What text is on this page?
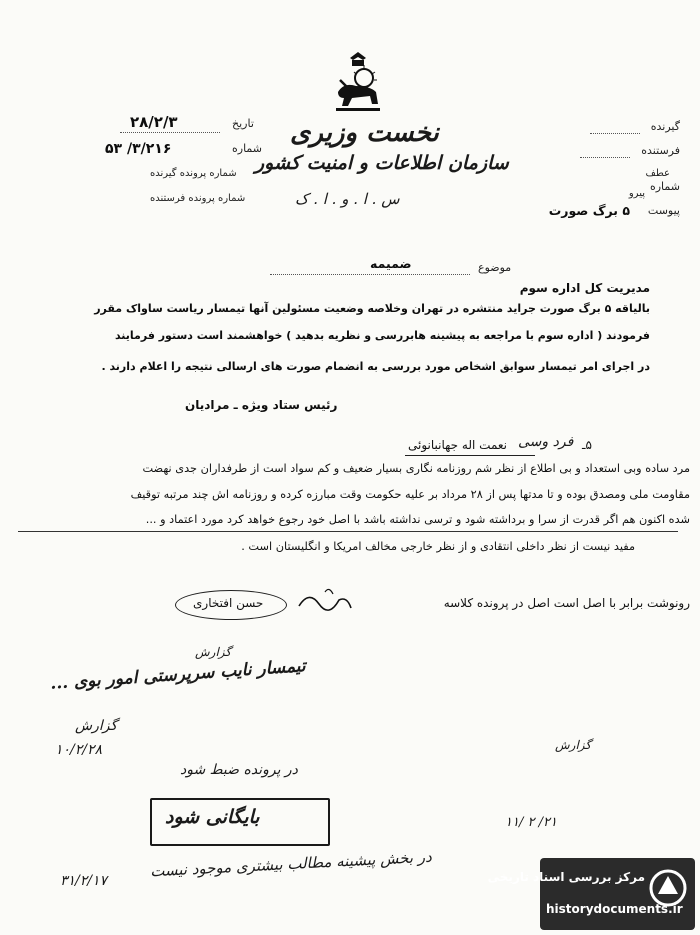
گیرنده
فرستنده
عطف
شماره
پیرو
پیوست
۵ برگ صورت
نخست وزیری
سازمان اطلاعات و امنیت کشور
س . ا . و . ا . ک
تاریخ
۲۸/۲/۳
شماره
۵۳ /۳/۲۱۶
شماره پرونده گیرنده
شماره پرونده فرستنده
موضوع
ضمیمه
مدیریت کل اداره سوم
بالیاقه ۵ برگ صورت جراید منتشره در تهران وخلاصه وضعیت مسئولین آنها تیمسار ریاست ساواک مقرر
فرمودند ( اداره سوم با مراجعه به پیشینه هابررسی و نظریه بدهید ) خواهشمند است دستور فرمایند
در اجرای امر تیمسار سوابق اشخاص مورد بررسی به انضمام صورت های ارسالی نتیجه را اعلام دارند .
رئیس ستاد ویژه ـ مرادیان
۵ـ
فرد وسی
نعمت اله جهانبانوئی
مرد ساده وبی استعداد و بی اطلاع از نظر شم روزنامه نگاری بسیار ضعیف و کم سواد است از طرفداران جدی نهضت
مقاومت ملی ومصدق بوده و تا مدتها پس از ۲۸ مرداد بر علیه حکومت وقت مبارزه کرده و روزنامه اش چند مرتبه توقیف
شده اکنون هم اگر قدرت از سرا و برداشته شود و ترسی نداشته باشد با اصل خود رجوع خواهد کرد مورد اعتماد و ...
مفید نیست از نظر داخلی انتقادی و از نظر خارجی مخالف امریکا و انگلیستان است .
رونوشت برابر با اصل است اصل در پرونده کلاسه
حسن افتخاری
گزارش
تیمسار نایب سرپرستی امور بوی ...
گزارش
۱۰/۲/۲۸
در پرونده ضبط شود
بایگانی شود
در بخش پیشینه مطالب بیشتری موجود نیست
۳۱/۲/۱۷
گزارش
۱۱/ ۲ /۲۱
مرکز بررسی اسناد تاریخی
historydocuments.ir
